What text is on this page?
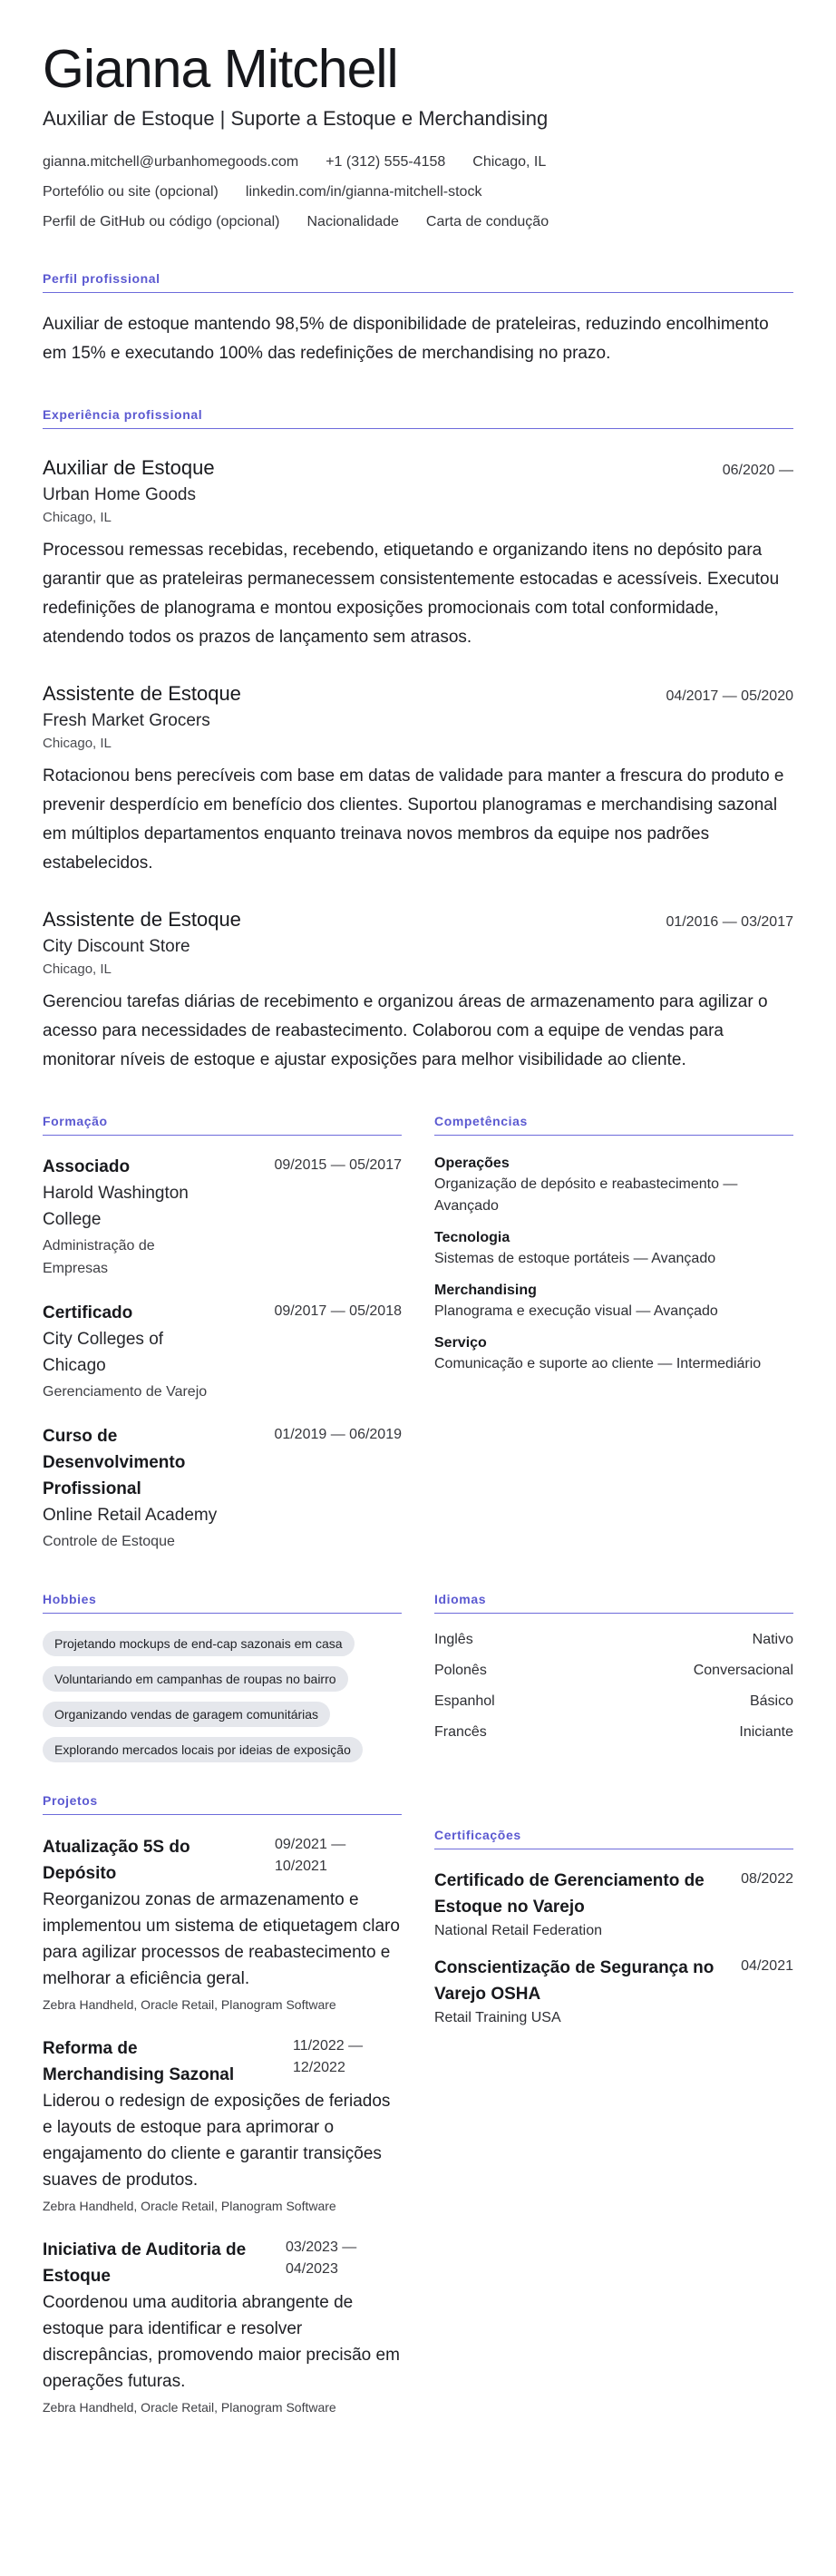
Gianna Mitchell
Auxiliar de Estoque | Suporte a Estoque e Merchandising
gianna.mitchell@urbanhomegoods.com +1 (312) 555-4158 Chicago, IL
Portefólio ou site (opcional) linkedin.com/in/gianna-mitchell-stock
Perfil de GitHub ou código (opcional) Nacionalidade Carta de condução
Perfil profissional
Auxiliar de estoque mantendo 98,5% de disponibilidade de prateleiras, reduzindo encolhimento em 15% e executando 100% das redefinições de merchandising no prazo.
Experiência profissional
Auxiliar de Estoque	06/2020 —
Urban Home Goods
Chicago, IL
Processou remessas recebidas, recebendo, etiquetando e organizando itens no depósito para garantir que as prateleiras permanecessem consistentemente estocadas e acessíveis. Executou redefinições de planograma e montou exposições promocionais com total conformidade, atendendo todos os prazos de lançamento sem atrasos.
Assistente de Estoque	04/2017 — 05/2020
Fresh Market Grocers
Chicago, IL
Rotacionou bens perecíveis com base em datas de validade para manter a frescura do produto e prevenir desperdício em benefício dos clientes. Suportou planogramas e merchandising sazonal em múltiplos departamentos enquanto treinava novos membros da equipe nos padrões estabelecidos.
Assistente de Estoque	01/2016 — 03/2017
City Discount Store
Chicago, IL
Gerenciou tarefas diárias de recebimento e organizou áreas de armazenamento para agilizar o acesso para necessidades de reabastecimento. Colaborou com a equipe de vendas para monitorar níveis de estoque e ajustar exposições para melhor visibilidade ao cliente.
Formação
Associado	09/2015 — 05/2017
Harold Washington College
Administração de Empresas
Certificado	09/2017 — 05/2018
City Colleges of Chicago
Gerenciamento de Varejo
Curso de Desenvolvimento Profissional
01/2019 — 06/2019
Online Retail Academy
Controle de Estoque
Competências
Operações
Organização de depósito e reabastecimento — Avançado
Tecnologia
Sistemas de estoque portáteis — Avançado
Merchandising
Planograma e execução visual — Avançado
Serviço
Comunicação e suporte ao cliente — Intermediário
Hobbies
Projetando mockups de end-cap sazonais em casa
Voluntariando em campanhas de roupas no bairro
Organizando vendas de garagem comunitárias
Explorando mercados locais por ideias de exposição
Idiomas
Inglês	Nativo
Polonês	Conversacional
Espanhol	Básico
Francês	Iniciante
Projetos
Atualização 5S do Depósito
09/2021 — 10/2021
Reorganizou zonas de armazenamento e implementou um sistema de etiquetagem claro para agilizar processos de reabastecimento e melhorar a eficiência geral.
Zebra Handheld, Oracle Retail, Planogram Software
Reforma de Merchandising Sazonal
11/2022 — 12/2022
Liderou o redesign de exposições de feriados e layouts de estoque para aprimorar o engajamento do cliente e garantir transições suaves de produtos.
Zebra Handheld, Oracle Retail, Planogram Software
Iniciativa de Auditoria de Estoque
03/2023 — 04/2023
Coordenou uma auditoria abrangente de estoque para identificar e resolver discrepâncias, promovendo maior precisão em operações futuras.
Zebra Handheld, Oracle Retail, Planogram Software
Certificações
Certificado de Gerenciamento de Estoque no Varejo
08/2022
National Retail Federation
Conscientização de Segurança no Varejo OSHA
04/2021
Retail Training USA
